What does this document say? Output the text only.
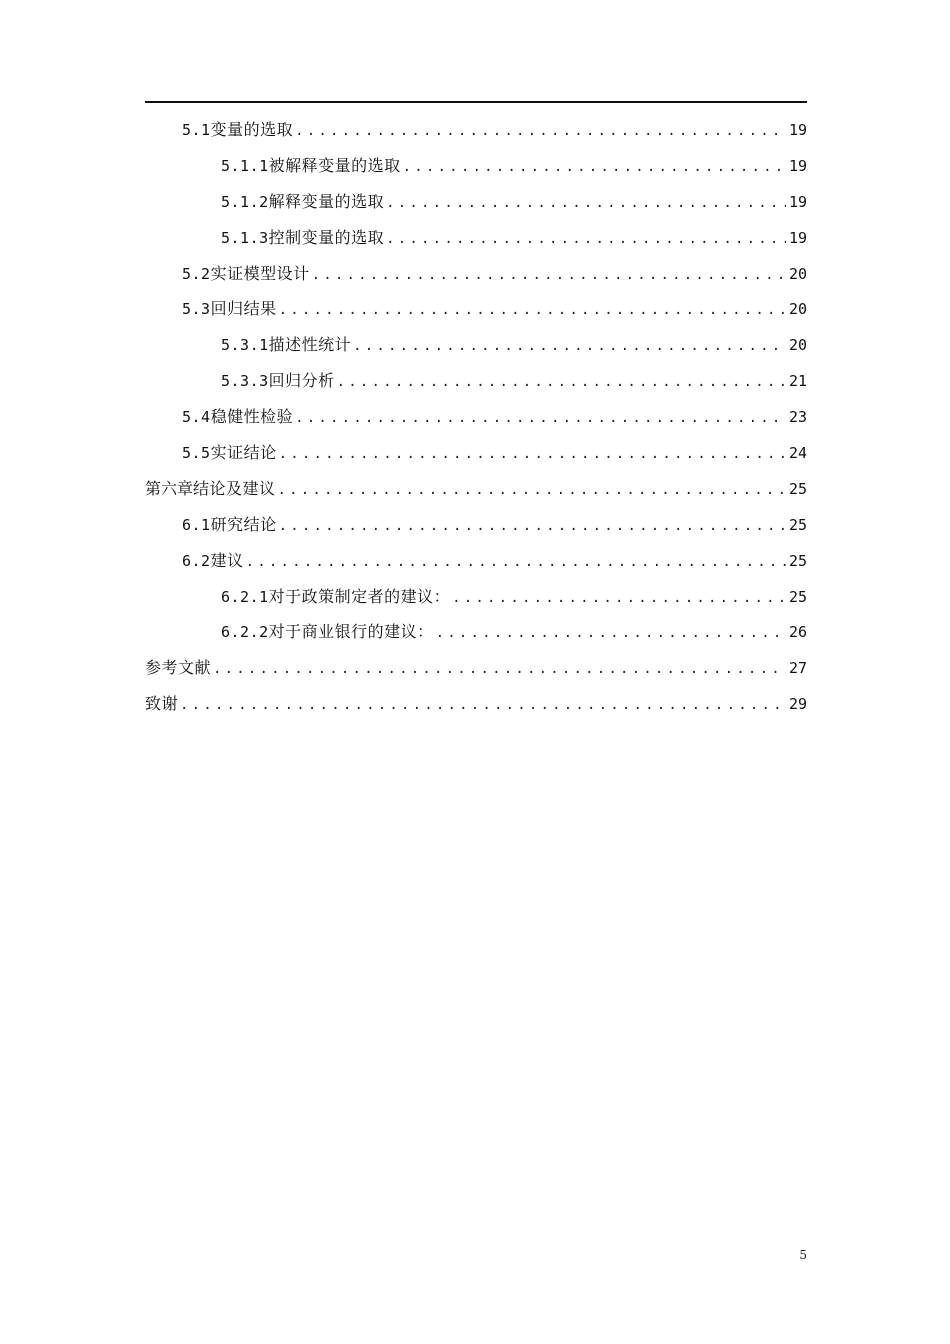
5.1 变量的选取 .....	19
5.1.1 被解释变量的选取 .....	19
5.1.2 解释变量的选取 .....	19
5.1.3 控制变量的选取 .....	19
5.2 实证模型设计 .....	20
5.3 回归结果 .....	20
5.3.1 描述性统计 .....	20
5.3.3 回归分析 .....	21
5.4 稳健性检验 .....	23
5.5 实证结论 .....	24
第六章 结论及建议 .....	25
6.1 研究结论 .....	25
6.2 建议 .....	25
6.2.1 对于政策制定者的建议： .....	25
6.2.2 对于商业银行的建议： .....	26
参考文献 .....	27
致谢 .....	29
5
